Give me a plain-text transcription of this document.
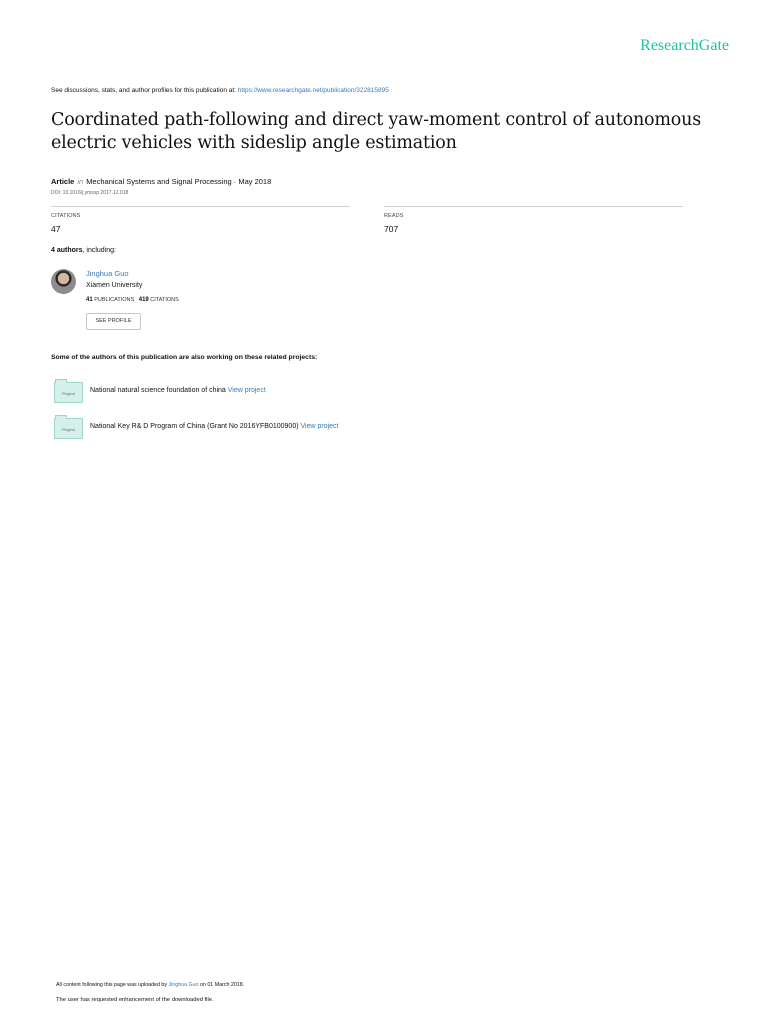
ResearchGate
See discussions, stats, and author profiles for this publication at: https://www.researchgate.net/publication/322815895
Coordinated path-following and direct yaw-moment control of autonomous
electric vehicles with sideslip angle estimation
Article in Mechanical Systems and Signal Processing · May 2018
DOI: 10.1016/j.ymssp.2017.12.018
CITATIONS
47
READS
707
4 authors, including:
Jinghua Guo
Xiamen University
41 PUBLICATIONS 419 CITATIONS
SEE PROFILE
Some of the authors of this publication are also working on these related projects:
Project	National natural science foundation of china View project
Project	National Key R& D Program of China (Grant No 2016YFB0100900) View project
All content following this page was uploaded by Jinghua Guo on 01 March 2018.
The user has requested enhancement of the downloaded file.
